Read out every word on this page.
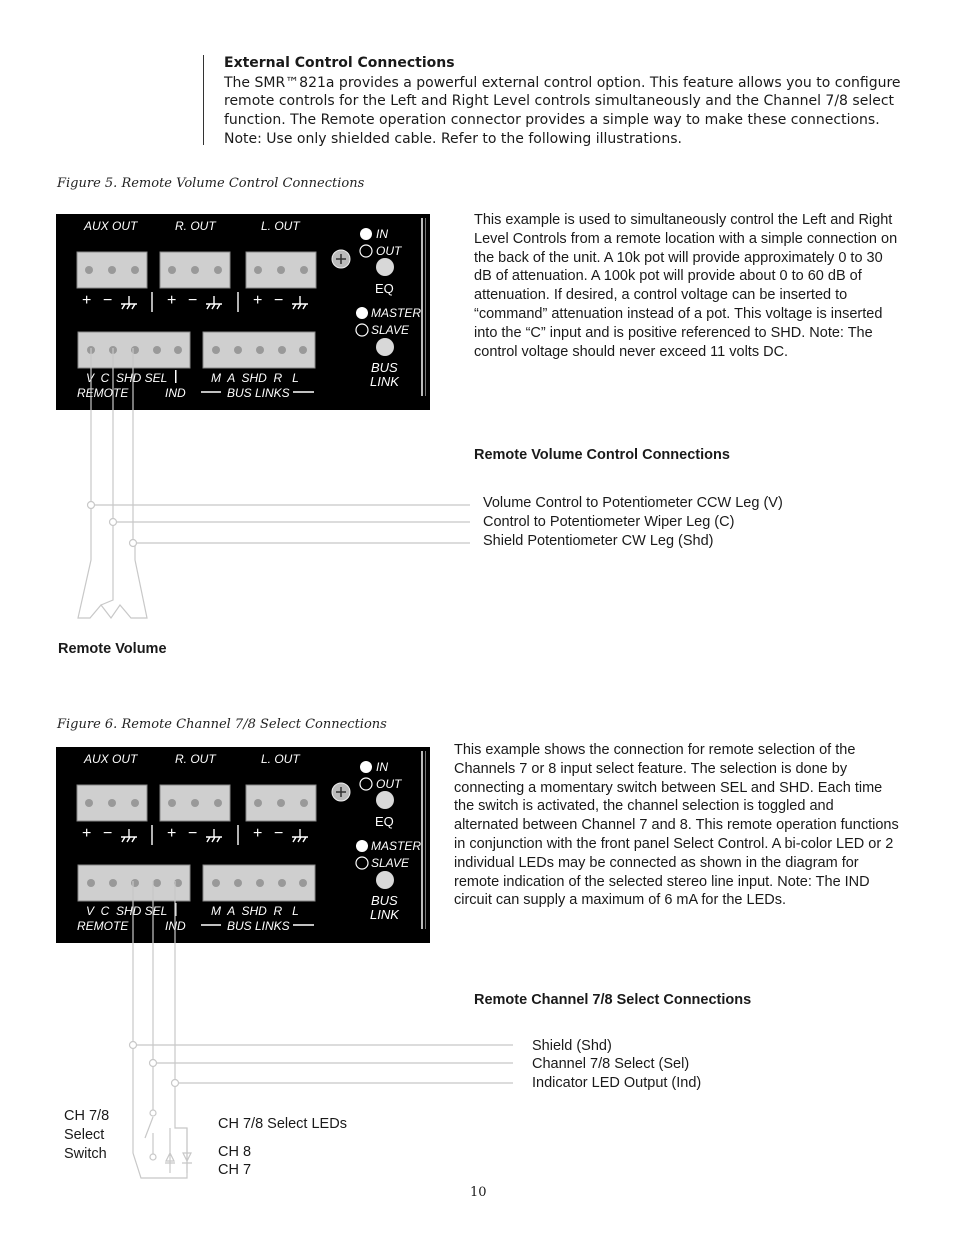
External Control Connections

The SMR™821a provides a powerful external control option. This feature allows you to configure remote controls for the Left and Right Level controls simultaneously and the Channel 7/8 select function. The Remote operation connector provides a simple way to make these connections. Note: Use only shielded cable. Refer to the following illustrations.

Figure 5. Remote Volume Control Connections
AUX OUT	R. OUT	L. OUT
+ −	+ −	+ −
IN
OUT
EQ
MASTER
SLAVE
BUS
LINK
V  C  SHD SEL
REMOTE	IND
M  A  SHD  R   L
BUS LINKS
This example is used to simultaneously control the Left and Right Level Controls from a remote location with a simple connection on the back of the unit. A 10k pot will provide approximately 0 to 30 dB of attenuation. A 100k pot will provide about 0 to 60 dB of attenuation. If desired, a control voltage can be inserted to “command” attenuation instead of a pot. This voltage is inserted into the “C” input and is positive referenced to SHD. Note: The control voltage should never exceed 11 volts DC.
Remote Volume Control Connections
Volume Control to Potentiometer CCW Leg (V)
Control to Potentiometer Wiper Leg (C)
Shield Potentiometer CW Leg (Shd)
Remote Volume
Figure 6. Remote Channel 7/8 Select Connections
AUX OUT	R. OUT	L. OUT
+ −	+ −	+ −
IN
OUT
EQ
MASTER
SLAVE
BUS
LINK
V  C  SHD SEL
REMOTE	IND
M  A  SHD  R   L
BUS LINKS
This example shows the connection for remote selection of the Channels 7 or 8 input select feature. The selection is done by connecting a momentary switch between SEL and SHD. Each time the switch is activated, the channel selection is toggled and alternated between Channel 7 and 8. This remote operation functions in conjunction with the front panel Select Control. A bi-color LED or 2 individual LEDs may be connected as shown in the diagram for remote indication of the selected stereo line input. Note: The IND circuit can supply a maximum of 6 mA for the LEDs.
Remote Channel 7/8 Select Connections
Shield (Shd)
Channel 7/8 Select (Sel)
Indicator LED Output (Ind)
CH 7/8
Select
Switch
CH 7/8 Select LEDs
CH 8
CH 7
10
